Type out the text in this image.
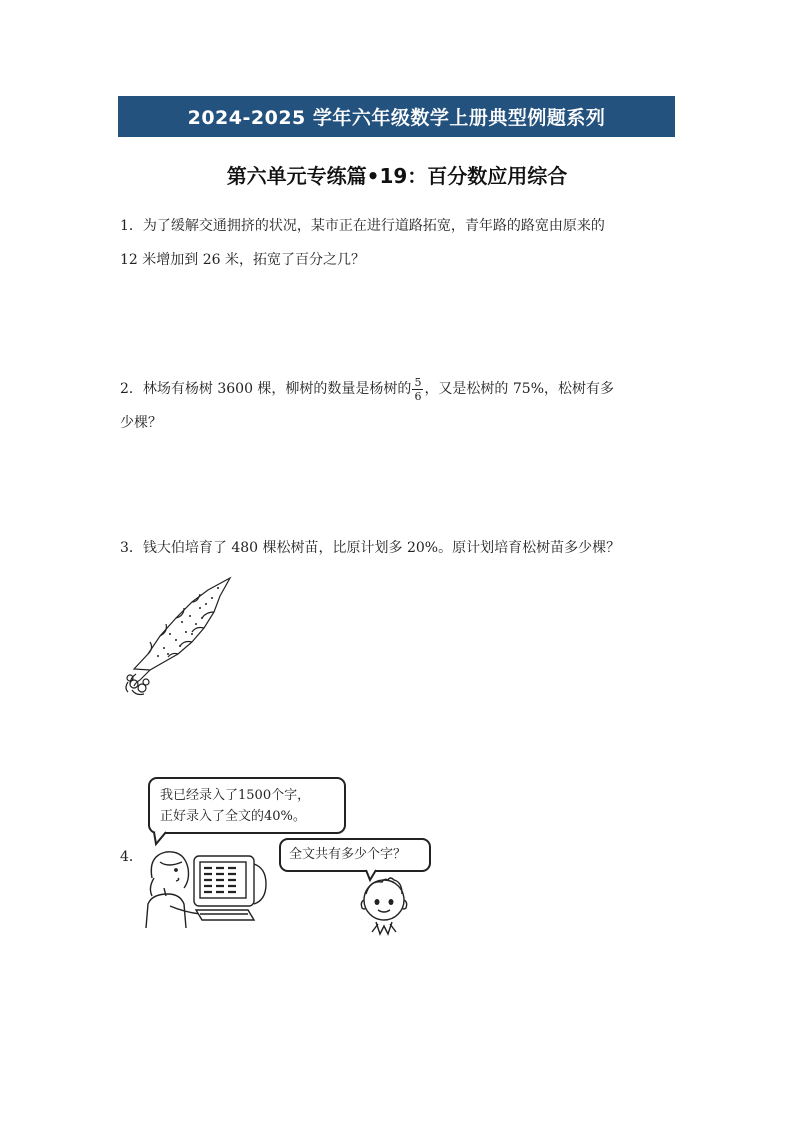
2024-2025 学年六年级数学上册典型例题系列
第六单元专练篇•19：百分数应用综合
1．为了缓解交通拥挤的状况，某市正在进行道路拓宽，青年路的路宽由原来的
12 米增加到 26 米，拓宽了百分之几？
2．林场有杨树 3600 棵，柳树的数量是杨树的 $\frac{5}{6}$ ，又是松树的 75%，松树有多
少棵？
3．钱大伯培育了 480 棵松树苗，比原计划多 20%。原计划培育松树苗多少棵？
4．
我已经录入了1500个字，
正好录入了全文的40%。
全文共有多少个字？
